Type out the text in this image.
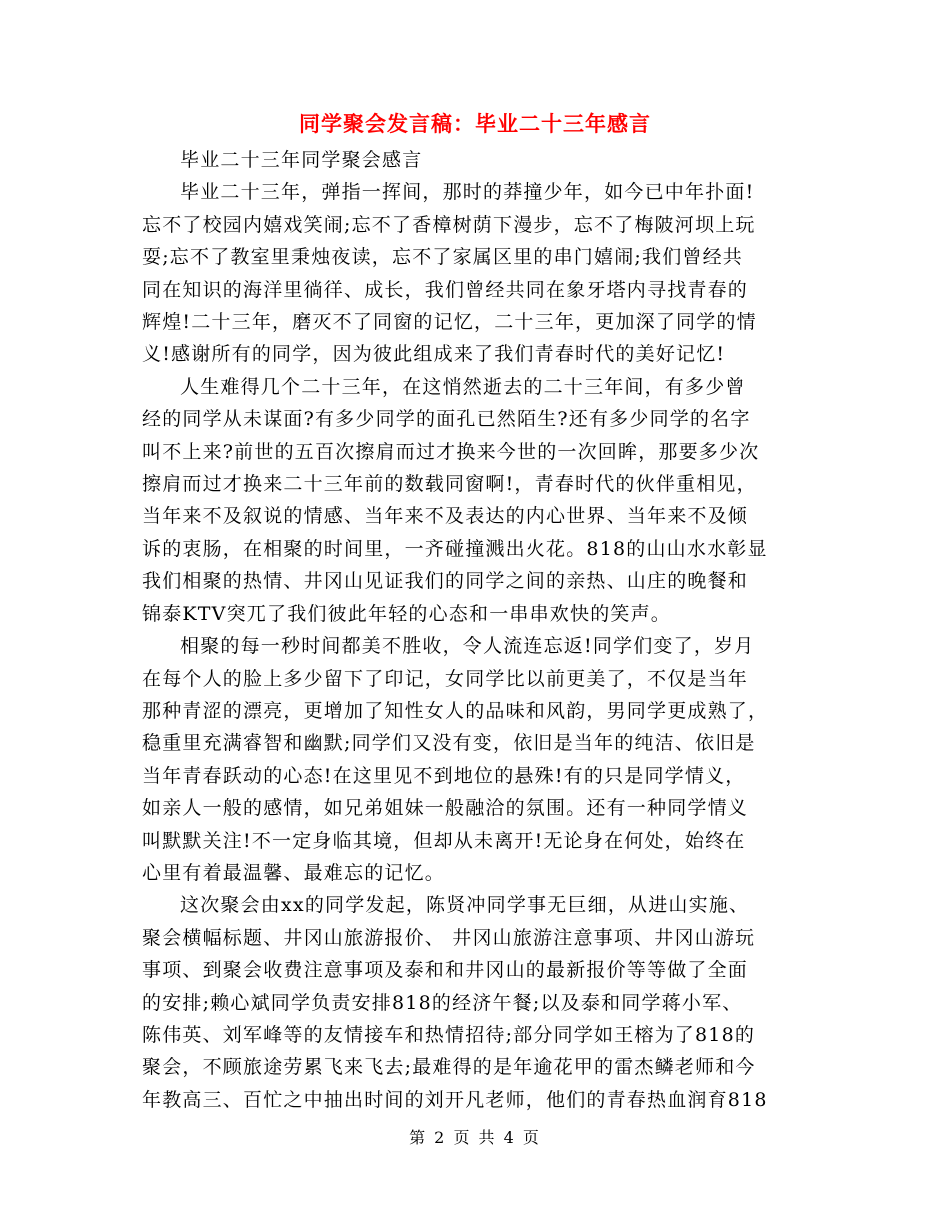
同学聚会发言稿：毕业二十三年感言
毕业二十三年同学聚会感言
毕业二十三年，弹指一挥间，那时的莽撞少年，如今已中年扑面!
忘不了校园内嬉戏笑闹;忘不了香樟树荫下漫步，忘不了梅陂河坝上玩
耍;忘不了教室里秉烛夜读，忘不了家属区里的串门嬉闹;我们曾经共
同在知识的海洋里徜徉、成长，我们曾经共同在象牙塔内寻找青春的
辉煌!二十三年，磨灭不了同窗的记忆，二十三年，更加深了同学的情
义!感谢所有的同学，因为彼此组成来了我们青春时代的美好记忆!
人生难得几个二十三年，在这悄然逝去的二十三年间，有多少曾
经的同学从未谋面?有多少同学的面孔已然陌生?还有多少同学的名字
叫不上来?前世的五百次擦肩而过才换来今世的一次回眸，那要多少次
擦肩而过才换来二十三年前的数载同窗啊!，青春时代的伙伴重相见，
当年来不及叙说的情感、当年来不及表达的内心世界、当年来不及倾
诉的衷肠，在相聚的时间里，一齐碰撞溅出火花。818的山山水水彰显
我们相聚的热情、井冈山见证我们的同学之间的亲热、山庄的晚餐和
锦泰KTV突兀了我们彼此年轻的心态和一串串欢快的笑声。
相聚的每一秒时间都美不胜收，令人流连忘返!同学们变了，岁月
在每个人的脸上多少留下了印记，女同学比以前更美了，不仅是当年
那种青涩的漂亮，更增加了知性女人的品味和风韵，男同学更成熟了，
稳重里充满睿智和幽默;同学们又没有变，依旧是当年的纯洁、依旧是
当年青春跃动的心态!在这里见不到地位的悬殊!有的只是同学情义，
如亲人一般的感情，如兄弟姐妹一般融洽的氛围。还有一种同学情义
叫默默关注!不一定身临其境，但却从未离开!无论身在何处，始终在
心里有着最温馨、最难忘的记忆。
这次聚会由xx的同学发起，陈贤冲同学事无巨细，从进山实施、
聚会横幅标题、井冈山旅游报价、 井冈山旅游注意事项、井冈山游玩
事项、到聚会收费注意事项及泰和和井冈山的最新报价等等做了全面
的安排;赖心斌同学负责安排818的经济午餐;以及泰和同学蒋小军、
陈伟英、刘军峰等的友情接车和热情招待;部分同学如王榕为了818的
聚会，不顾旅途劳累飞来飞去;最难得的是年逾花甲的雷杰鳞老师和今
年教高三、百忙之中抽出时间的刘开凡老师，他们的青春热血润育818
第 2 页 共 4 页
